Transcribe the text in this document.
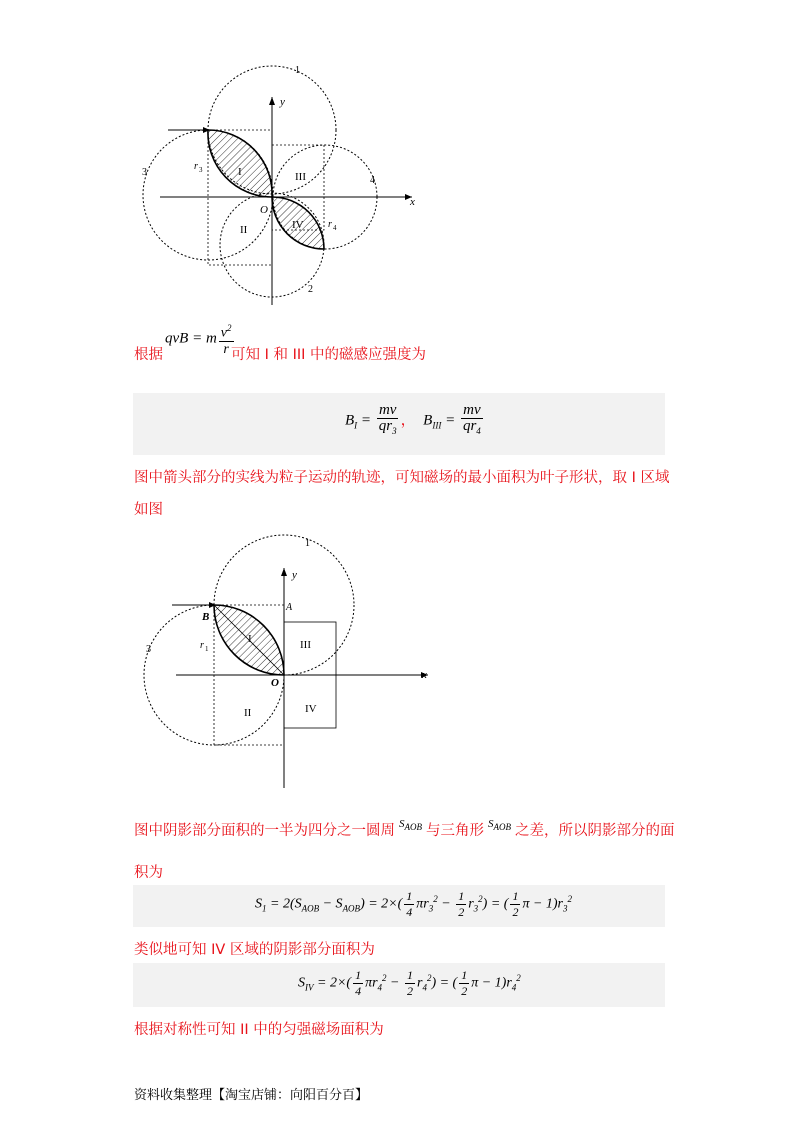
y
x
O
1
2
3
4
I
II
III
IV
r 3
r 4
根据
qvB = m $\frac{v^2}{r}$
可知 I 和 III 中的磁感应强度为
$B_I = \frac{mv}{qr_3}$ ，  $B_{III} = \frac{mv}{qr_4}$
图中箭头部分的实线为粒子运动的轨迹，可知磁场的最小面积为叶子形状，取 I 区域
如图
y
x
O
A
B
1
3
I
II
III
IV
r 1
图中阴影部分面积的一半为四分之一圆周 $^{S_{AOB}}$ 与三角形 $^{S_{AOB}}$ 之差，所以阴影部分的面
积为
$S_1 = 2(S_{AOB} - S_{AOB}) = 2\times( \frac{1}{4} \pi r_3^2 - \frac{1}{2} r_3^2)$ = ( $\frac{1}{2}$ $\pi - 1)r_3^2$
类似地可知 IV 区域的阴影部分面积为
$S_{IV} = 2\times( \frac{1}{4} \pi r_4^2 - \frac{1}{2} r_4^2)$ = ( $\frac{1}{2}$ $\pi - 1)r_4^2$
根据对称性可知 II 中的匀强磁场面积为
资料收集整理【淘宝店铺：向阳百分百】
